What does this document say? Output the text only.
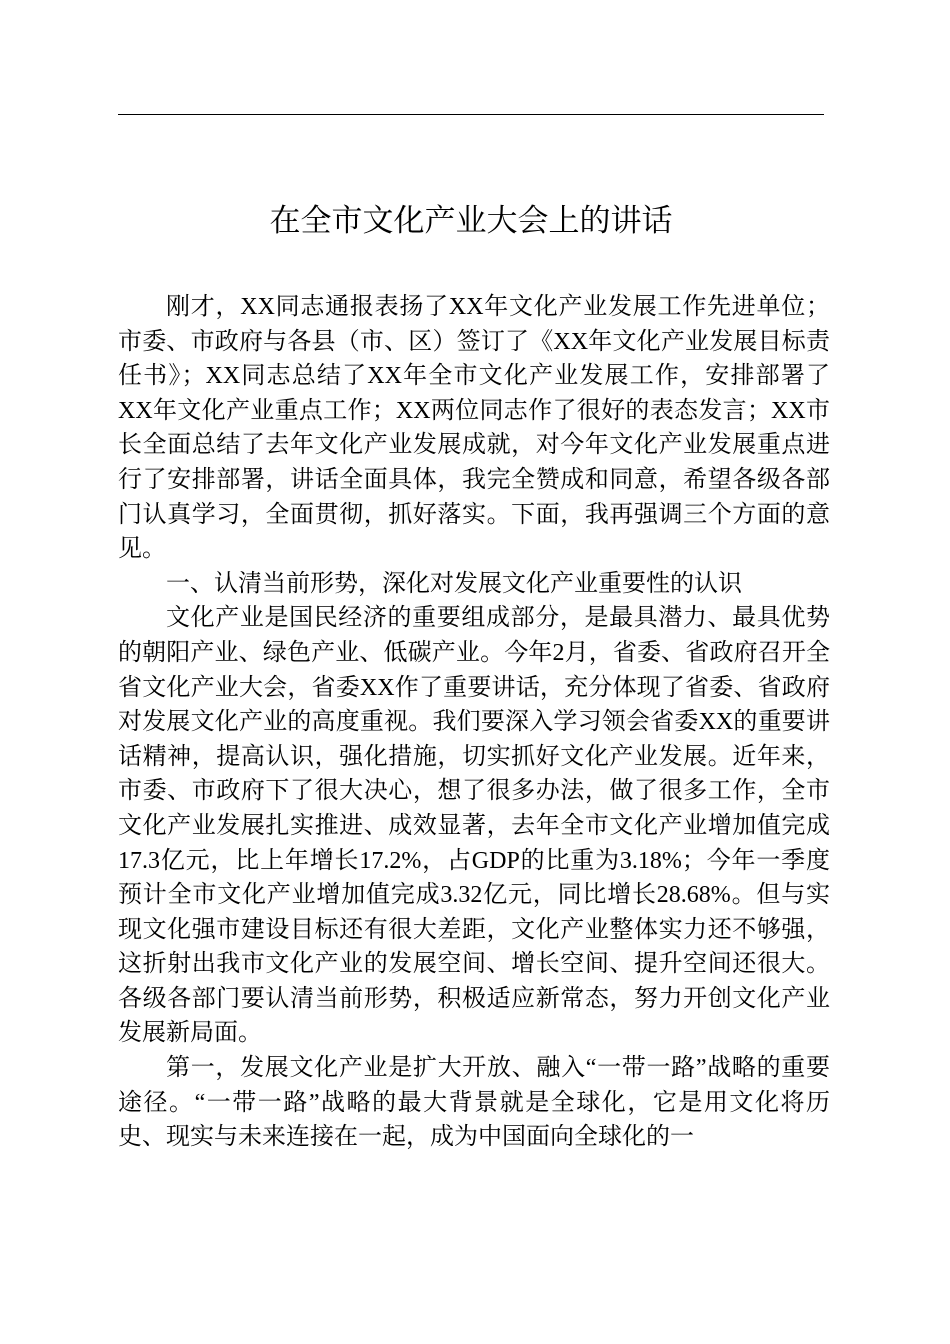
在全市文化产业大会上的讲话

刚才，XX同志通报表扬了XX年文化产业发展工作先进单位；市委、市政府与各县（市、区）签订了《XX年文化产业发展目标责任书》；XX同志总结了XX年全市文化产业发展工作，安排部署了XX年文化产业重点工作；XX两位同志作了很好的表态发言；XX市长全面总结了去年文化产业发展成就，对今年文化产业发展重点进行了安排部署，讲话全面具体，我完全赞成和同意，希望各级各部门认真学习，全面贯彻，抓好落实。下面，我再强调三个方面的意见。

一、认清当前形势，深化对发展文化产业重要性的认识

文化产业是国民经济的重要组成部分，是最具潜力、最具优势的朝阳产业、绿色产业、低碳产业。今年2月，省委、省政府召开全省文化产业大会，省委XX作了重要讲话，充分体现了省委、省政府对发展文化产业的高度重视。我们要深入学习领会省委XX的重要讲话精神，提高认识，强化措施，切实抓好文化产业发展。近年来，市委、市政府下了很大决心，想了很多办法，做了很多工作，全市文化产业发展扎实推进、成效显著，去年全市文化产业增加值完成17.3亿元，比上年增长17.2%，占GDP的比重为3.18%；今年一季度预计全市文化产业增加值完成3.32亿元，同比增长28.68%。但与实现文化强市建设目标还有很大差距，文化产业整体实力还不够强，这折射出我市文化产业的发展空间、增长空间、提升空间还很大。各级各部门要认清当前形势，积极适应新常态，努力开创文化产业发展新局面。

第一，发展文化产业是扩大开放、融入“一带一路”战略的重要途径。“一带一路”战略的最大背景就是全球化，它是用文化将历史、现实与未来连接在一起，成为中国面向全球化的一
